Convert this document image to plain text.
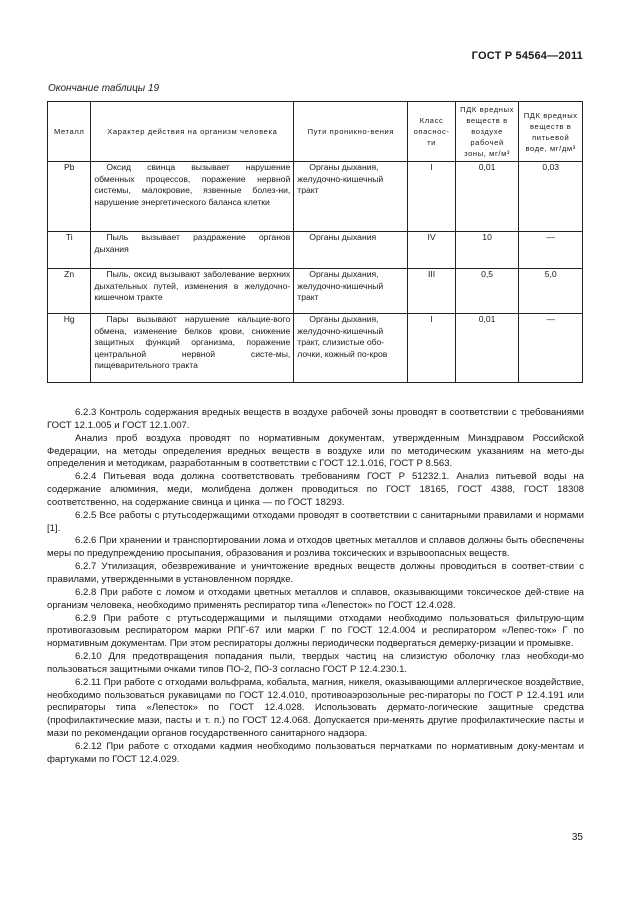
ГОСТ Р 54564—2011
Окончание таблицы 19
Металл	Характер действия на организм человека	Пути проникно-вения	Класс опаснос-ти	ПДК вредных веществ в воздухе рабочей зоны, мг/м³	ПДК вредных веществ в питьевой воде, мг/дм³
Pb	Оксид свинца вызывает нарушение обменных процессов, поражение нервной системы, малокровие, язвенные болез-ни, нарушение энергетического баланса клетки	Органы дыхания, желудочно-кишечный тракт	I	0,01	0,03
Ti	Пыль вызывает раздражение органов дыхания	Органы дыхания	IV	10	—
Zn	Пыль, оксид вызывают заболевание верхних дыхательных путей, изменения в желудочно-кишечном тракте	Органы дыхания, желудочно-кишечный тракт	III	0,5	5,0
Hg	Пары вызывают нарушение кальцие-вого обмена, изменение белков крови, снижение защитных функций организма, поражение центральной нервной систе-мы, пищеварительного тракта	Органы дыхания, желудочно-кишечный тракт, слизистые обо-лочки, кожный по-кров	I	0,01	—

6.2.3 Контроль содержания вредных веществ в воздухе рабочей зоны проводят в соответствии с требованиями ГОСТ 12.1.005 и ГОСТ 12.1.007.

Анализ проб воздуха проводят по нормативным документам, утвержденным Минздравом Российской Федерации, на методы определения вредных веществ в воздухе или по методическим указаниям на мето-ды определения и методикам, разработанным в соответствии с ГОСТ 12.1.016, ГОСТ Р 8.563.

6.2.4 Питьевая вода должна соответствовать требованиям ГОСТ Р 51232.1. Анализ питьевой воды на содержание алюминия, меди, молибдена должен проводиться по ГОСТ 18165, ГОСТ 4388, ГОСТ 18308 соответственно, на содержание свинца и цинка — по ГОСТ 18293.

6.2.5 Все работы с ртутьсодержащими отходами проводят в соответствии с санитарными правилами и нормами [1].

6.2.6 При хранении и транспортировании лома и отходов цветных металлов и сплавов должны быть обеспечены меры по предупреждению просыпания, образования и розлива токсических и взрывоопасных веществ.

6.2.7 Утилизация, обезвреживание и уничтожение вредных веществ должны проводиться в соответ-ствии с правилами, утвержденными в установленном порядке.

6.2.8 При работе с ломом и отходами цветных металлов и сплавов, оказывающими токсическое дей-ствие на организм человека, необходимо применять респиратор типа «Лепесток» по ГОСТ 12.4.028.

6.2.9 При работе с ртутьсодержащими и пылящими отходами необходимо пользоваться фильтрую-щим противогазовым респиратором марки РПГ-67 или марки Г по ГОСТ 12.4.004 и респиратором «Лепес-ток» Г по нормативным документам. При этом респираторы должны периодически подвергаться демерку-ризации и промывке.

6.2.10 Для предотвращения попадания пыли, твердых частиц на слизистую оболочку глаз необходи-мо пользоваться защитными очками типов ПО-2, ПО-3 согласно ГОСТ Р 12.4.230.1.

6.2.11 При работе с отходами вольфрама, кобальта, магния, никеля, оказывающими аллергическое воздействие, необходимо пользоваться рукавицами по ГОСТ 12.4.010, противоаэрозольные рес-пираторы по ГОСТ Р 12.4.191 или респираторы типа «Лепесток» по ГОСТ 12.4.028. Использовать дермато-логические защитные средства (профилактические мази, пасты и т. п.) по ГОСТ 12.4.068. Допускается при-менять другие профилактические пасты и мази по рекомендации органов государственного санитарного надзора.

6.2.12 При работе с отходами кадмия необходимо пользоваться перчатками по нормативным доку-ментам и фартуками по ГОСТ 12.4.029.

35
